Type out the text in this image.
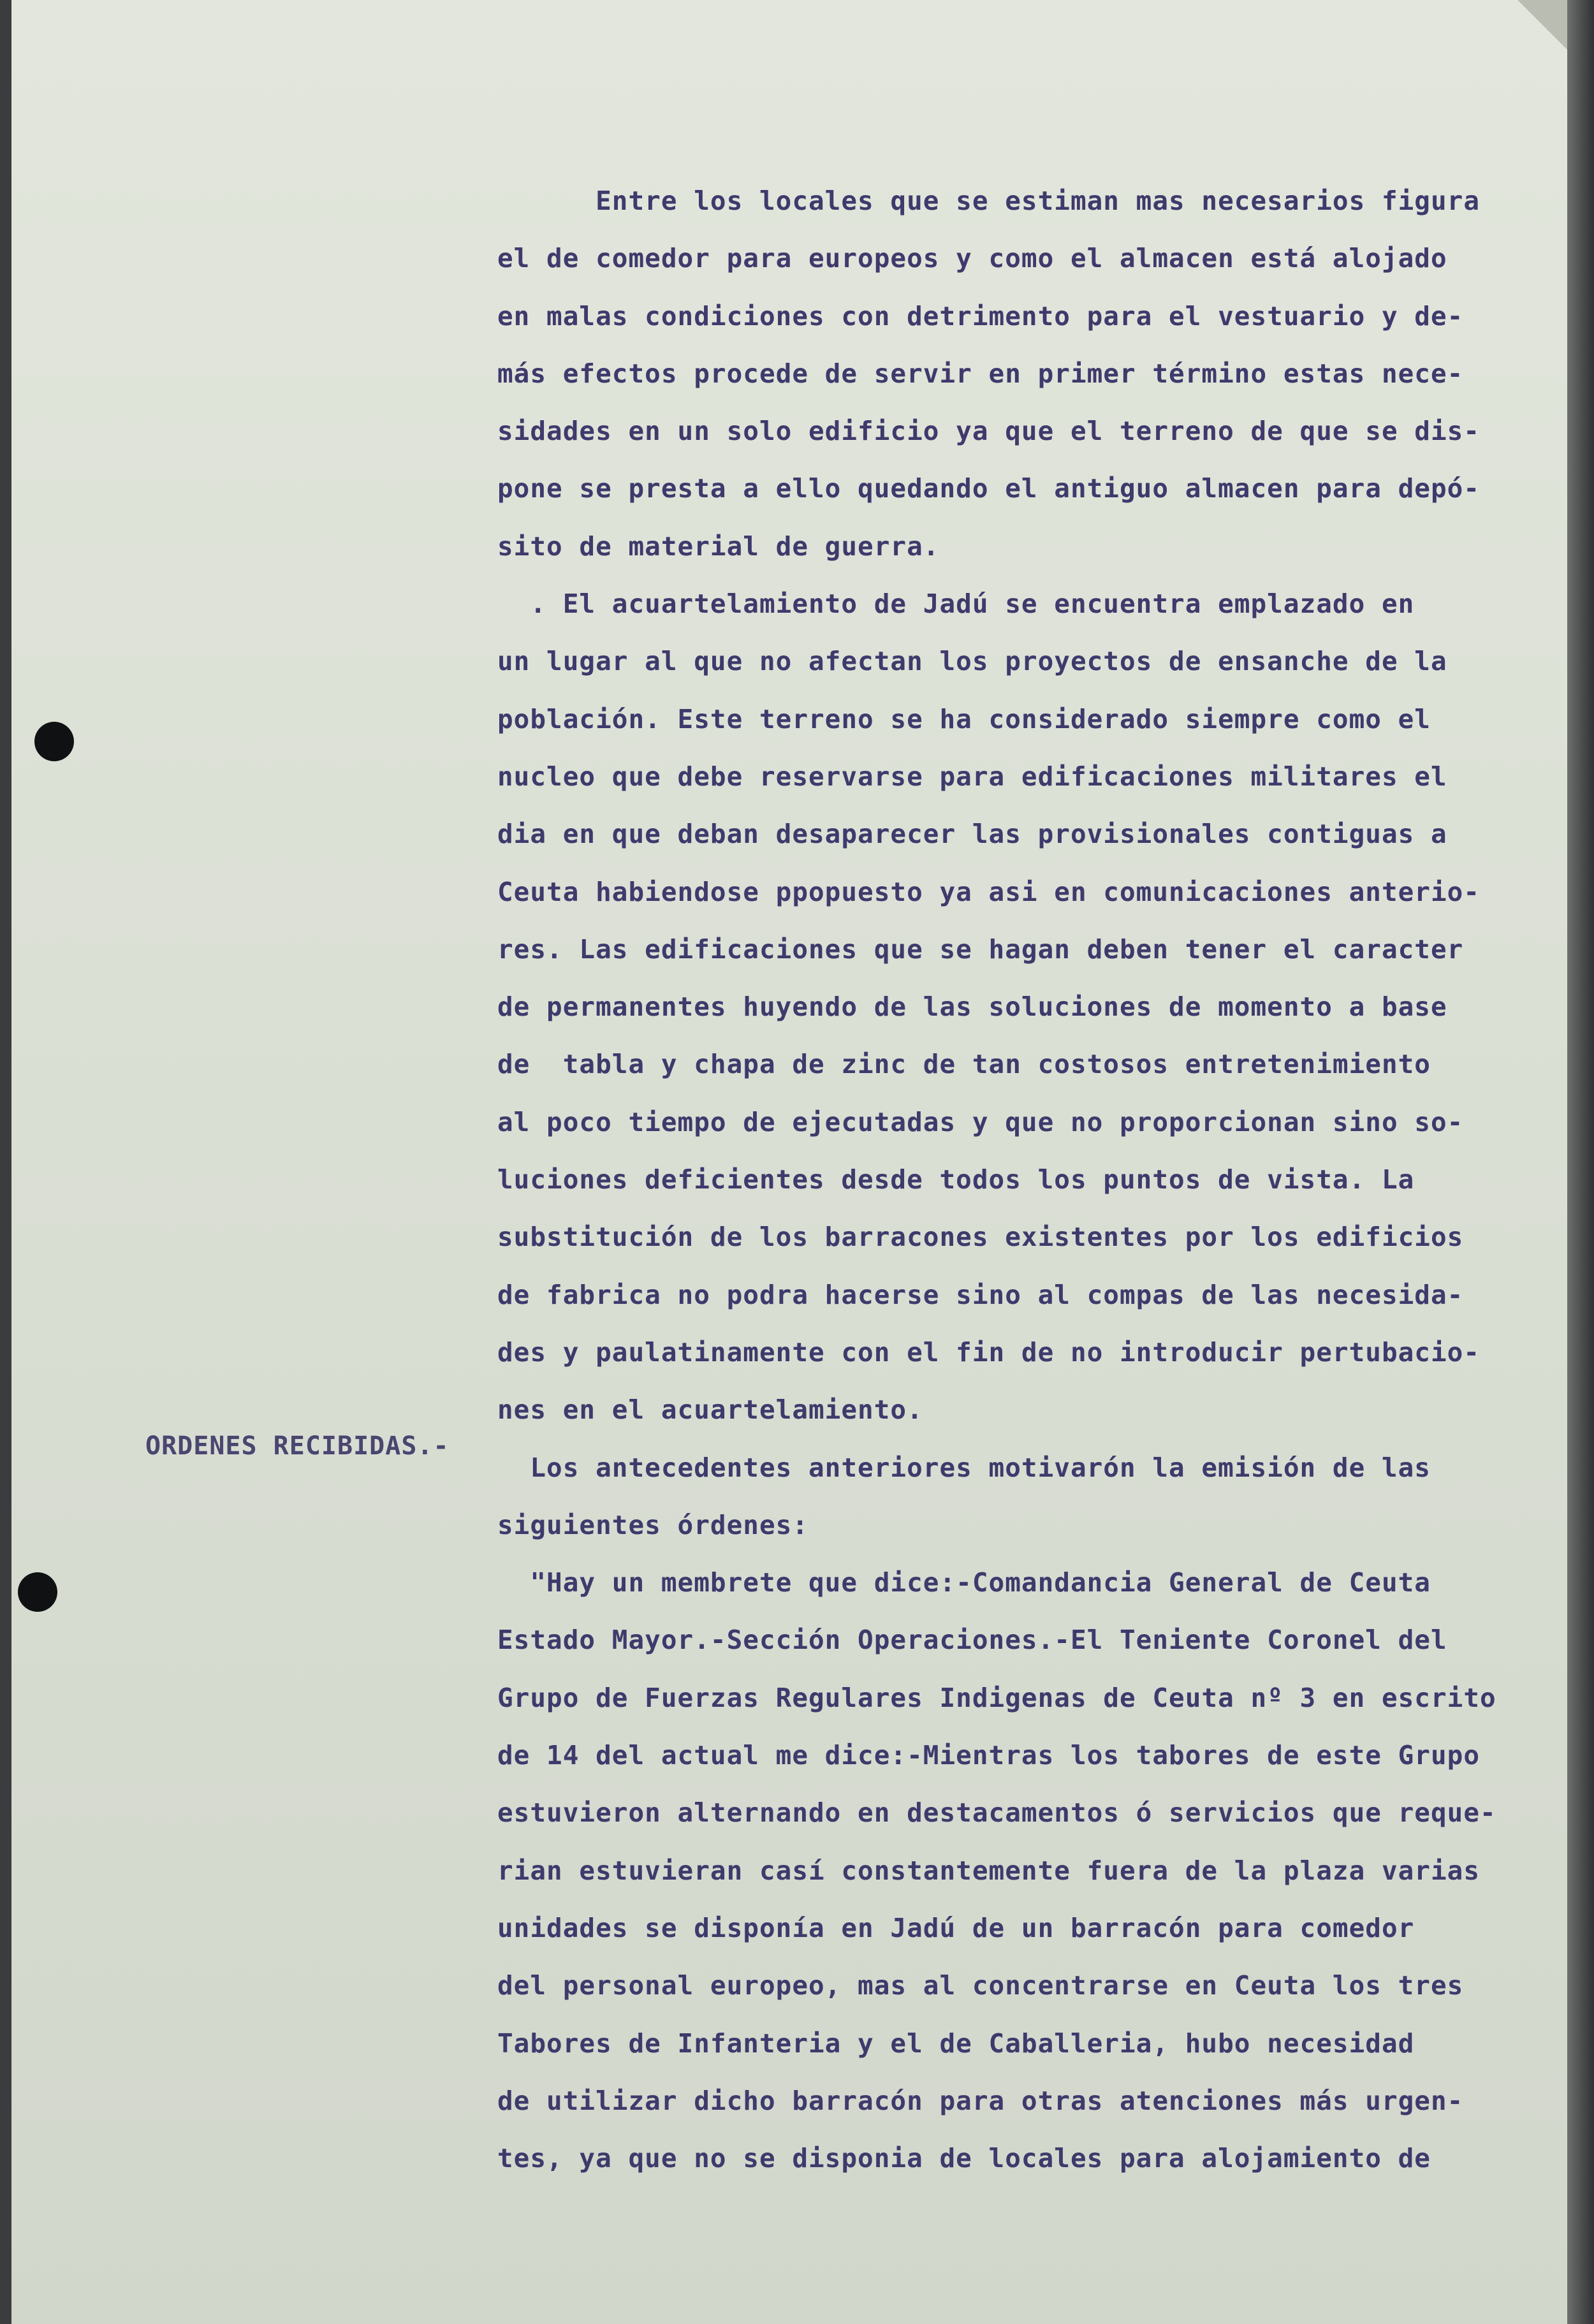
ORDENES RECIBIDAS.-

Entre los locales que se estiman mas necesarios figura

el de comedor para europeos y como el almacen está alojado

en malas condiciones con detrimento para el vestuario y de-

más efectos procede de servir en primer término estas nece-

sidades en un solo edificio ya que el terreno de que se dis-

pone se presta a ello quedando el antiguo almacen para depó-

sito de material de guerra.

. El acuartelamiento de Jadú se encuentra emplazado en

un lugar al que no afectan los proyectos de ensanche de la

población. Este terreno se ha considerado siempre como el

nucleo que debe reservarse para edificaciones militares el

dia en que deban desaparecer las provisionales contiguas a

Ceuta habiendose ppopuesto ya asi en comunicaciones anterio-

res. Las edificaciones que se hagan deben tener el caracter

de permanentes huyendo de las soluciones de momento a base

de  tabla y chapa de zinc de tan costosos entretenimiento

al poco tiempo de ejecutadas y que no proporcionan sino so-

luciones deficientes desde todos los puntos de vista. La

substitución de los barracones existentes por los edificios

de fabrica no podra hacerse sino al compas de las necesida-

des y paulatinamente con el fin de no introducir pertubacio-

nes en el acuartelamiento.

Los antecedentes anteriores motivarón la emisión de las

siguientes órdenes:

"Hay un membrete que dice:-Comandancia General de Ceuta

Estado Mayor.-Sección Operaciones.-El Teniente Coronel del

Grupo de Fuerzas Regulares Indigenas de Ceuta nº 3 en escrito

de 14 del actual me dice:-Mientras los tabores de este Grupo

estuvieron alternando en destacamentos ó servicios que reque-

rian estuvieran casí constantemente fuera de la plaza varias

unidades se disponía en Jadú de un barracón para comedor

del personal europeo, mas al concentrarse en Ceuta los tres

Tabores de Infanteria y el de Caballeria, hubo necesidad

de utilizar dicho barracón para otras atenciones más urgen-

tes, ya que no se disponia de locales para alojamiento de
